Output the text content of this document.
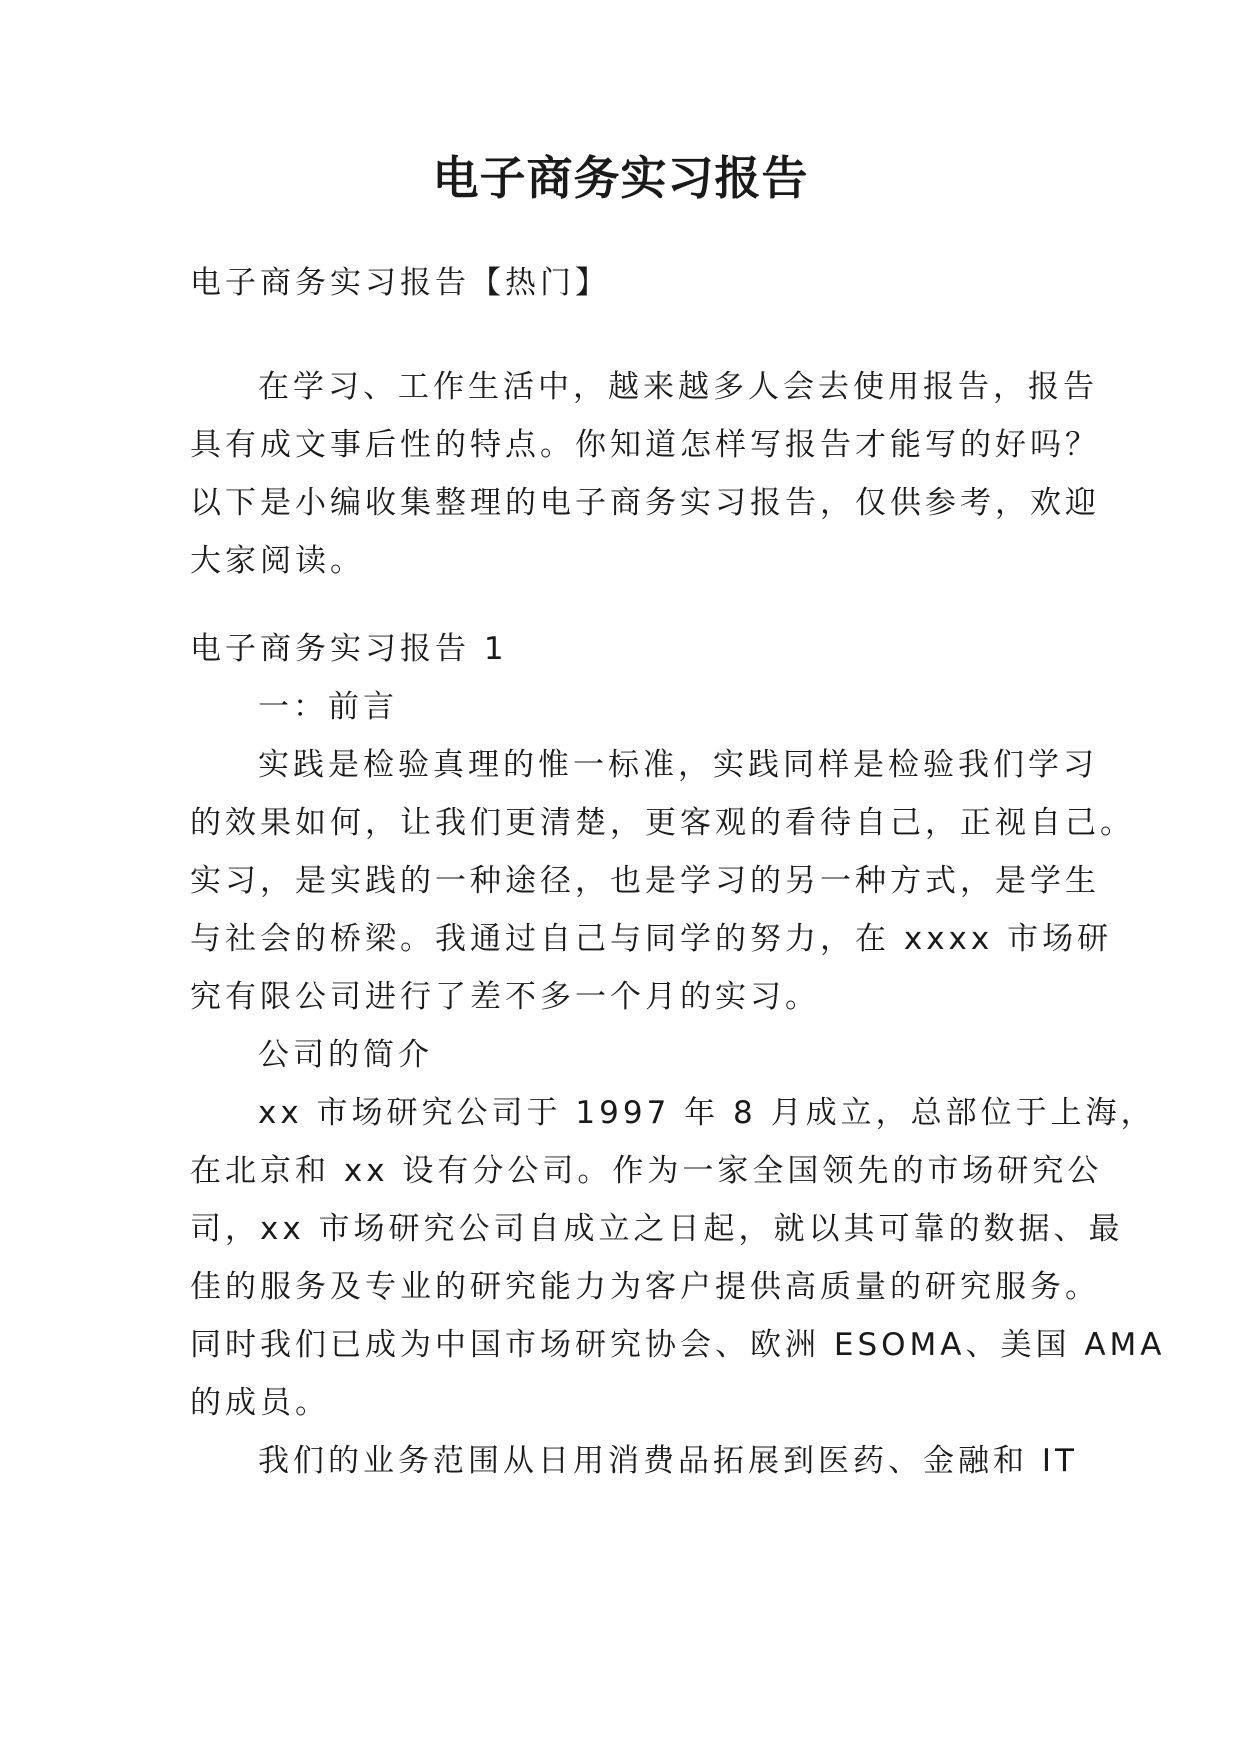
电子商务实习报告
电子商务实习报告【热门】
在学习、工作生活中，越来越多人会去使用报告，报告
具有成文事后性的特点。你知道怎样写报告才能写的好吗？
以下是小编收集整理的电子商务实习报告，仅供参考，欢迎
大家阅读。
电子商务实习报告 1
一：前言
实践是检验真理的惟一标准，实践同样是检验我们学习
的效果如何，让我们更清楚，更客观的看待自己，正视自己。
实习，是实践的一种途径，也是学习的另一种方式，是学生
与社会的桥梁。我通过自己与同学的努力，在 xxxx 市场研
究有限公司进行了差不多一个月的实习。
公司的简介
xx 市场研究公司于 1997 年 8 月成立，总部位于上海，
在北京和 xx 设有分公司。作为一家全国领先的市场研究公
司，xx 市场研究公司自成立之日起，就以其可靠的数据、最
佳的服务及专业的研究能力为客户提供高质量的研究服务。
同时我们已成为中国市场研究协会、欧洲 ESOMA、美国 AMA
的成员。
我们的业务范围从日用消费品拓展到医药、金融和 IT
